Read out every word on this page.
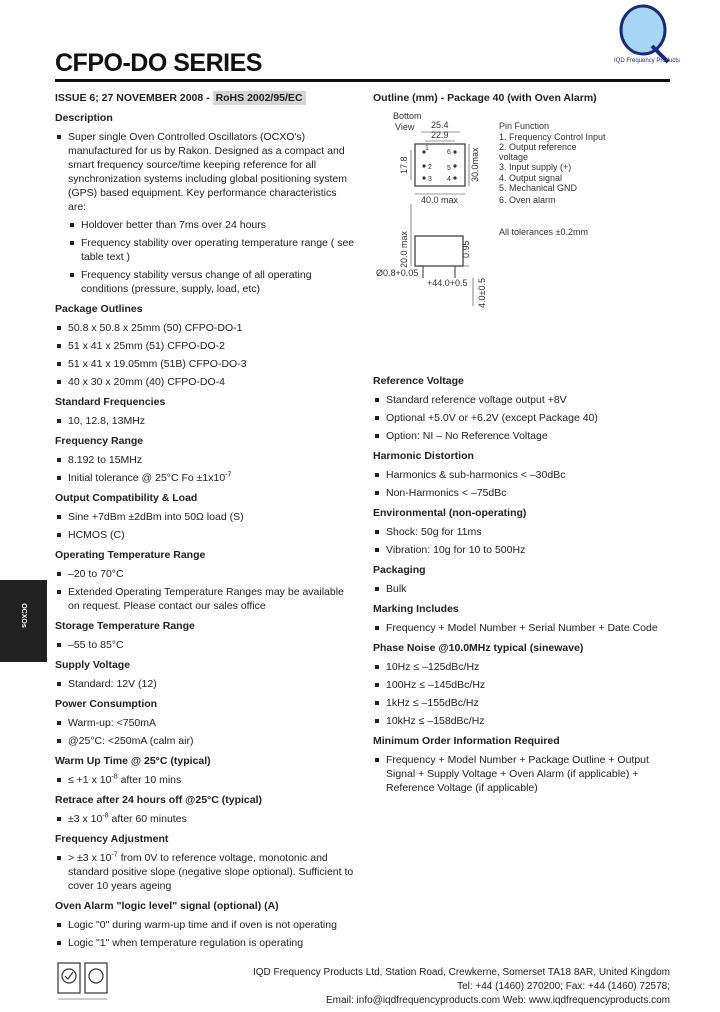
IQD Frequency Products
CFPO-DO SERIES
ISSUE 6; 27 NOVEMBER 2008 - RoHS 2002/95/EC
OCXOs
Description
Super single Oven Controlled Oscillators (OCXO's) manufactured for us by Rakon. Designed as a compact and smart frequency source/time keeping reference for all synchronization systems including global positioning system (GPS) based equipment. Key performance characteristics are:
Holdover better than 7ms over 24 hours
Frequency stability over operating temperature range ( see table text )
Frequency stability versus change of all operating conditions (pressure, supply, load, etc)
Package Outlines
50.8 x 50.8 x 25mm (50) CFPO-DO-1
51 x 41 x 25mm (51) CFPO-DO-2
51 x 41 x 19.05mm (51B) CFPO-DO-3
40 x 30 x 20mm (40) CFPO-DO-4
Standard Frequencies
10, 12.8, 13MHz
Frequency Range
8.192 to 15MHz
Initial tolerance @ 25°C $Fo \pm 1x10^{-7}$
Output Compatibility & Load
Sine +7dBm ±2dBm into 50Ω load (S)
HCMOS (C)
Operating Temperature Range
–20 to 70°C
Extended Operating Temperature Ranges may be available on request. Please contact our sales office
Storage Temperature Range
–55 to 85°C
Supply Voltage
Standard: 12V (12)
Power Consumption
Warm-up: <750mA
@25°C: <250mA (calm air)
Warm Up Time @ 25°C (typical)
≤ +1 x $10^{-8}$ after 10 mins
Retrace after 24 hours off @25°C (typical)
±3 x $10^{-8}$ after 60 minutes
Frequency Adjustment
> ±3 x $10^{-7}$ from 0V to reference voltage, monotonic and standard positive slope (negative slope optional). Sufficient to cover 10 years ageing
Oven Alarm "logic level" signal (optional) (A)
Logic "0" during warm-up time and if oven is not operating
Logic "1" when temperature regulation is operating
Outline (mm) - Package 40 (with Oven Alarm)
Bottom
View 25.4
22.9
1
2
3
6
5
4
17.8	30.0max
40.0 max
Pin Function
1. Frequency Control Input
2. Output reference
voltage
3. Input supply (+)
4. Output signal
5. Mechanical GND
6. Oven alarm
All tolerances ±0.2mm
20.0 max	0.95
Ø0.8+0.05
+44.0+0.5 4.0±0.5
Reference Voltage
Standard reference voltage output +8V
Optional +5.0V or +6.2V (except Package 40)
Option: NI – No Reference Voltage
Harmonic Distortion
Harmonics & sub-harmonics < –30dBc
Non-Harmonics < –75dBc
Environmental (non-operating)
Shock: 50g for 11ms
Vibration: 10g for 10 to 500Hz
Packaging
Bulk
Marking Includes
Frequency + Model Number + Serial Number + Date Code
Phase Noise @10.0MHz typical (sinewave)
10Hz ≤ –125dBc/Hz
100Hz ≤ –145dBc/Hz
1kHz ≤ –155dBc/Hz
10kHz ≤ –158dBc/Hz
Minimum Order Information Required
Frequency + Model Number + Package Outline + Output Signal + Supply Voltage + Oven Alarm (if applicable) + Reference Voltage (if applicable)
IQD Frequency Products Ltd, Station Road, Crewkerne, Somerset TA18 8AR, United Kingdom
Tel: +44 (1460) 270200; Fax: +44 (1460) 72578;
Email: info@iqdfrequencyproducts.com Web: www.iqdfrequencyproducts.com
